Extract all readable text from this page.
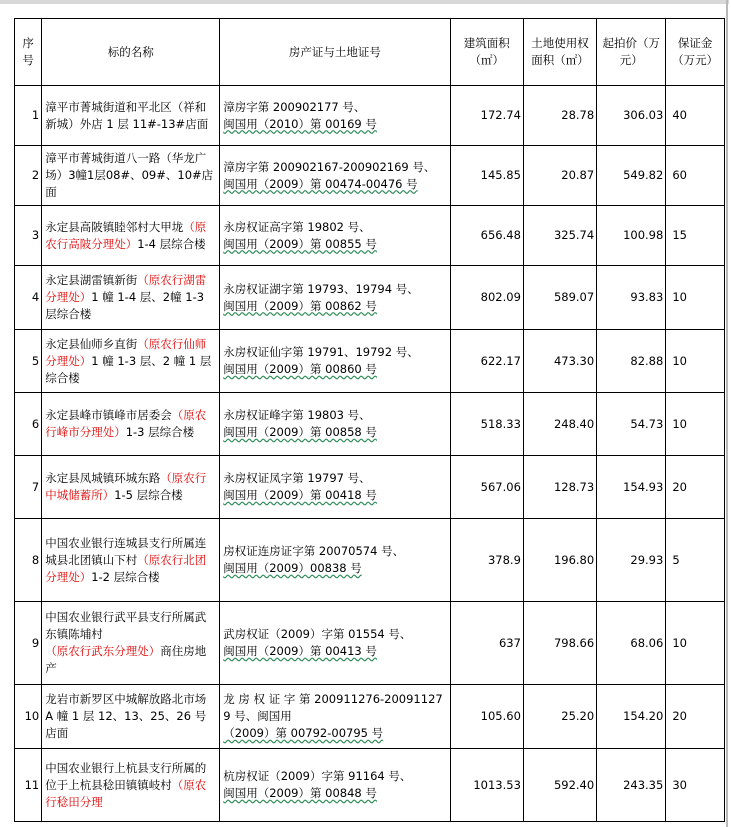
序号	标的名称	房产证与土地证号	建筑面积（㎡）	土地使用权面积（㎡）	起拍价（万元）	保证金（万元）
1	漳平市菁城街道和平北区（祥和新城）外店 1 层 11#-13#店面	漳房字第 200902177 号、
闽国用（2010）第 00169 号	172.74	28.78	306.03	40
2	漳平市菁城街道八一路（华龙广场）3幢1层08#、09#、10#店面	漳房字第 200902167-200902169 号、
闽国用（2009）第 00474-00476 号	145.85	20.87	549.82	60
3	永定县高陂镇睦邻村大甲垅（原农行高陂分理处）1-4 层综合楼	永房权证高字第 19802 号、
闽国用（2009）第 00855 号	656.48	325.74	100.98	15
4	永定县湖雷镇新街（原农行湖雷分理处）1 幢 1-4 层、2幢 1-3 层综合楼	永房权证湖字第 19793、19794 号、
闽国用（2009）第 00862 号	802.09	589.07	93.83	10
5	永定县仙师乡直街（原农行仙师分理处）1 幢 1-3 层、2 幢 1 层综合楼	永房权证仙字第 19791、19792 号、
闽国用（2009）第 00860 号	622.17	473.30	82.88	10
6	永定县峰市镇峰市居委会（原农行峰市分理处）1-3 层综合楼	永房权证峰字第 19803 号、
闽国用（2009）第 00858 号	518.33	248.40	54.73	10
7	永定县凤城镇环城东路（原农行中城储蓄所）1-5 层综合楼	永房权证凤字第 19797 号、
闽国用（2009）第 00418 号	567.06	128.73	154.93	20
8	中国农业银行连城县支行所属连城县北团镇山下村（原农行北团分理处）1-2 层综合楼	房权证连房证字第 20070574 号、
闽国用（2009）00838 号	378.9	196.80	29.93	5
9	中国农业银行武平县支行所属武东镇陈埔村（原农行武东分理处）商住房地产	武房权证（2009）字第 01554 号、
闽国用（2009）第 00413 号	637	798.66	68.06	10
10	龙岩市新罗区中城解放路北市场 A 幢 1 层 12、13、25、26 号店面	龙 房 权 证 字 第 200911276-200911279 号、闽国用
（2009）第 00792-00795 号	105.60	25.20	154.20	20
11	中国农业银行上杭县支行所属的位于上杭县稔田镇镇岐村（原农行稔田分理	杭房权证（2009）字第 91164 号、
闽国用（2009）第 00848 号	1013.53	592.40	243.35	30
